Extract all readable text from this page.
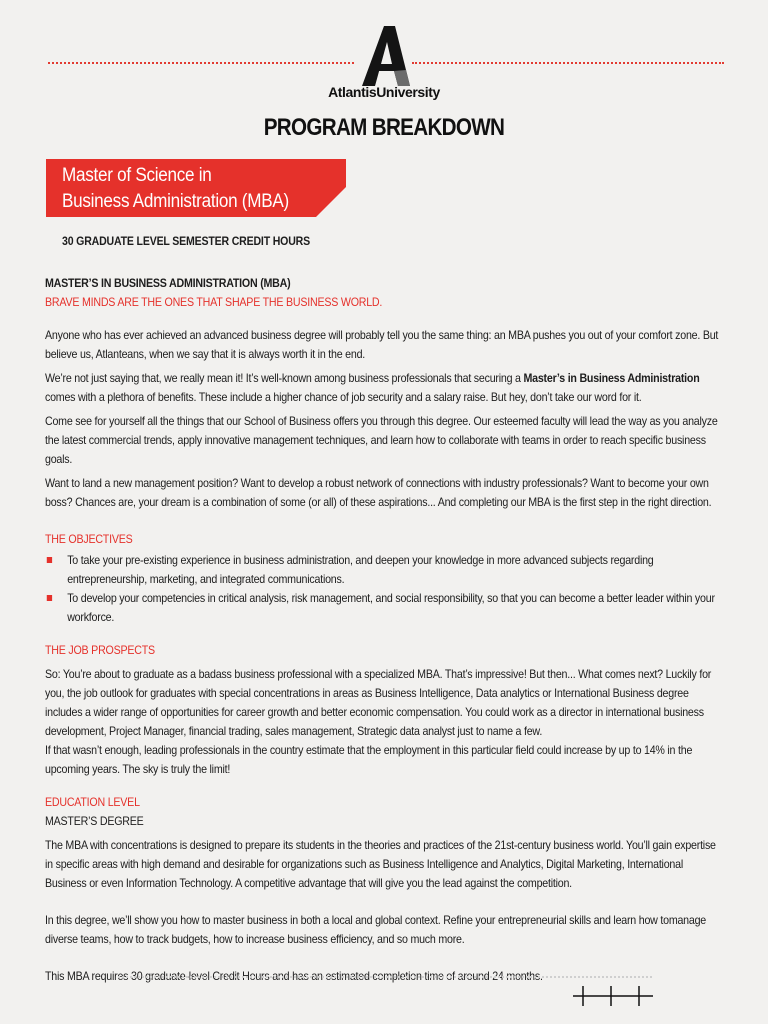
AtlantisUniversity
PROGRAM BREAKDOWN
Master of Science in
Business Administration (MBA)
30 GRADUATE LEVEL SEMESTER CREDIT HOURS

MASTER’S IN BUSINESS ADMINISTRATION (MBA)

BRAVE MINDS ARE THE ONES THAT SHAPE THE BUSINESS WORLD.

Anyone who has ever achieved an advanced business degree will probably tell you the same thing: an MBA pushes you out of your comfort zone. But believe us, Atlanteans, when we say that it is always worth it in the end.

We’re not just saying that, we really mean it! It’s well-known among business professionals that securing a Master’s in Business Administration comes with a plethora of benefits. These include a higher chance of job security and a salary raise. But hey, don’t take our word for it.

Come see for yourself all the things that our School of Business offers you through this degree. Our esteemed faculty will lead the way as you analyze the latest commercial trends, apply innovative management techniques, and learn how to collaborate with teams in order to reach specific business goals.

Want to land a new management position? Want to develop a robust network of connections with industry professionals? Want to become your own boss? Chances are, your dream is a combination of some (or all) of these aspirations... And completing our MBA is the first step in the right direction.

THE OBJECTIVES

To take your pre-existing experience in business administration, and deepen your knowledge in more advanced subjects regarding entrepreneurship, marketing, and integrated communications.
To develop your competencies in critical analysis, risk management, and social responsibility, so that you can become a better leader within your workforce.

THE JOB PROSPECTS

So: You’re about to graduate as a badass business professional with a specialized MBA. That’s impressive! But then... What comes next? Luckily for you, the job outlook for graduates with special concentrations in areas as Business Intelligence, Data analytics or International Business degree includes a wider range of opportunities for career growth and better economic compensation. You could work as a director in international business development, Project Manager, financial trading, sales management, Strategic data analyst just to name a few.

If that wasn’t enough, leading professionals in the country estimate that the employment in this particular field could increase by up to 14% in the upcoming years. The sky is truly the limit!

EDUCATION LEVEL

MASTER’S DEGREE

The MBA with concentrations is designed to prepare its students in the theories and practices of the 21st-century business world. You’ll gain expertise in specific areas with high demand and desirable for organizations such as Business Intelligence and Analytics, Digital Marketing, International Business or even Information Technology. A competitive advantage that will give you the lead against the competition.

In this degree, we’ll show you how to master business in both a local and global context. Refine your entrepreneurial skills and learn how tomanage diverse teams, how to track budgets, how to increase business efficiency, and so much more.

This MBA requires 30 graduate-level Credit Hours and has an estimated completion time of around 24 months.
